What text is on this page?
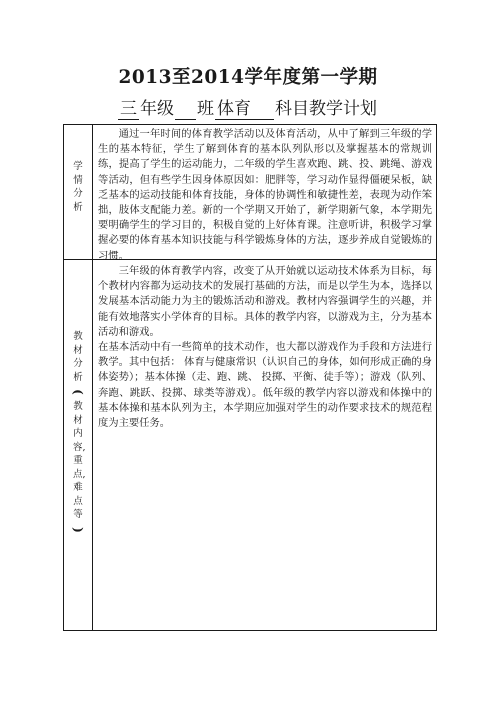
2013至2014学年度第一学期
三 年级   班 体育   科目教学计划
学情分析

通过一年时间的体育教学活动以及体育活动，从中了解到三年级的学生的基本特征，学生了解到体育的基本队列队形以及掌握基本的常规训练，提高了学生的运动能力，二年级的学生喜欢跑、跳、投、跳绳、游戏等活动，但有些学生因身体原因如：肥胖等，学习动作显得僵硬呆板，缺乏基本的运动技能和体育技能，身体的协调性和敏捷性差，表现为动作笨拙，肢体支配能力差。新的一个学期又开始了，新学期新气象，本学期先要明确学生的学习目的，积极自觉的上好体育课。注意听讲，积极学习掌握必要的体育基本知识技能与科学锻炼身体的方法，逐步养成自觉锻炼的习惯。

教材分析
(
教材内容,重点,难点等
)

三年级的体育教学内容，改变了从开始就以运动技术体系为目标，每个教材内容都为运动技术的发展打基础的方法，而是以学生为本，选择以发展基本活动能力为主的锻炼活动和游戏。教材内容强调学生的兴趣，并能有效地落实小学体育的目标。具体的教学内容，以游戏为主，分为基本活动和游戏。

在基本活动中有一些简单的技术动作，也大都以游戏作为手段和方法进行教学。其中包括： 体育与健康常识（认识自己的身体，如何形成正确的身体姿势）；基本体操（走、跑、跳、 投掷、平衡、徒手等）；游戏（队列、奔跑、跳跃、投掷、球类等游戏）。低年级的教学内容以游戏和体操中的基本体操和基本队列为主，本学期应加强对学生的动作要求技术的规范程度为主要任务。
